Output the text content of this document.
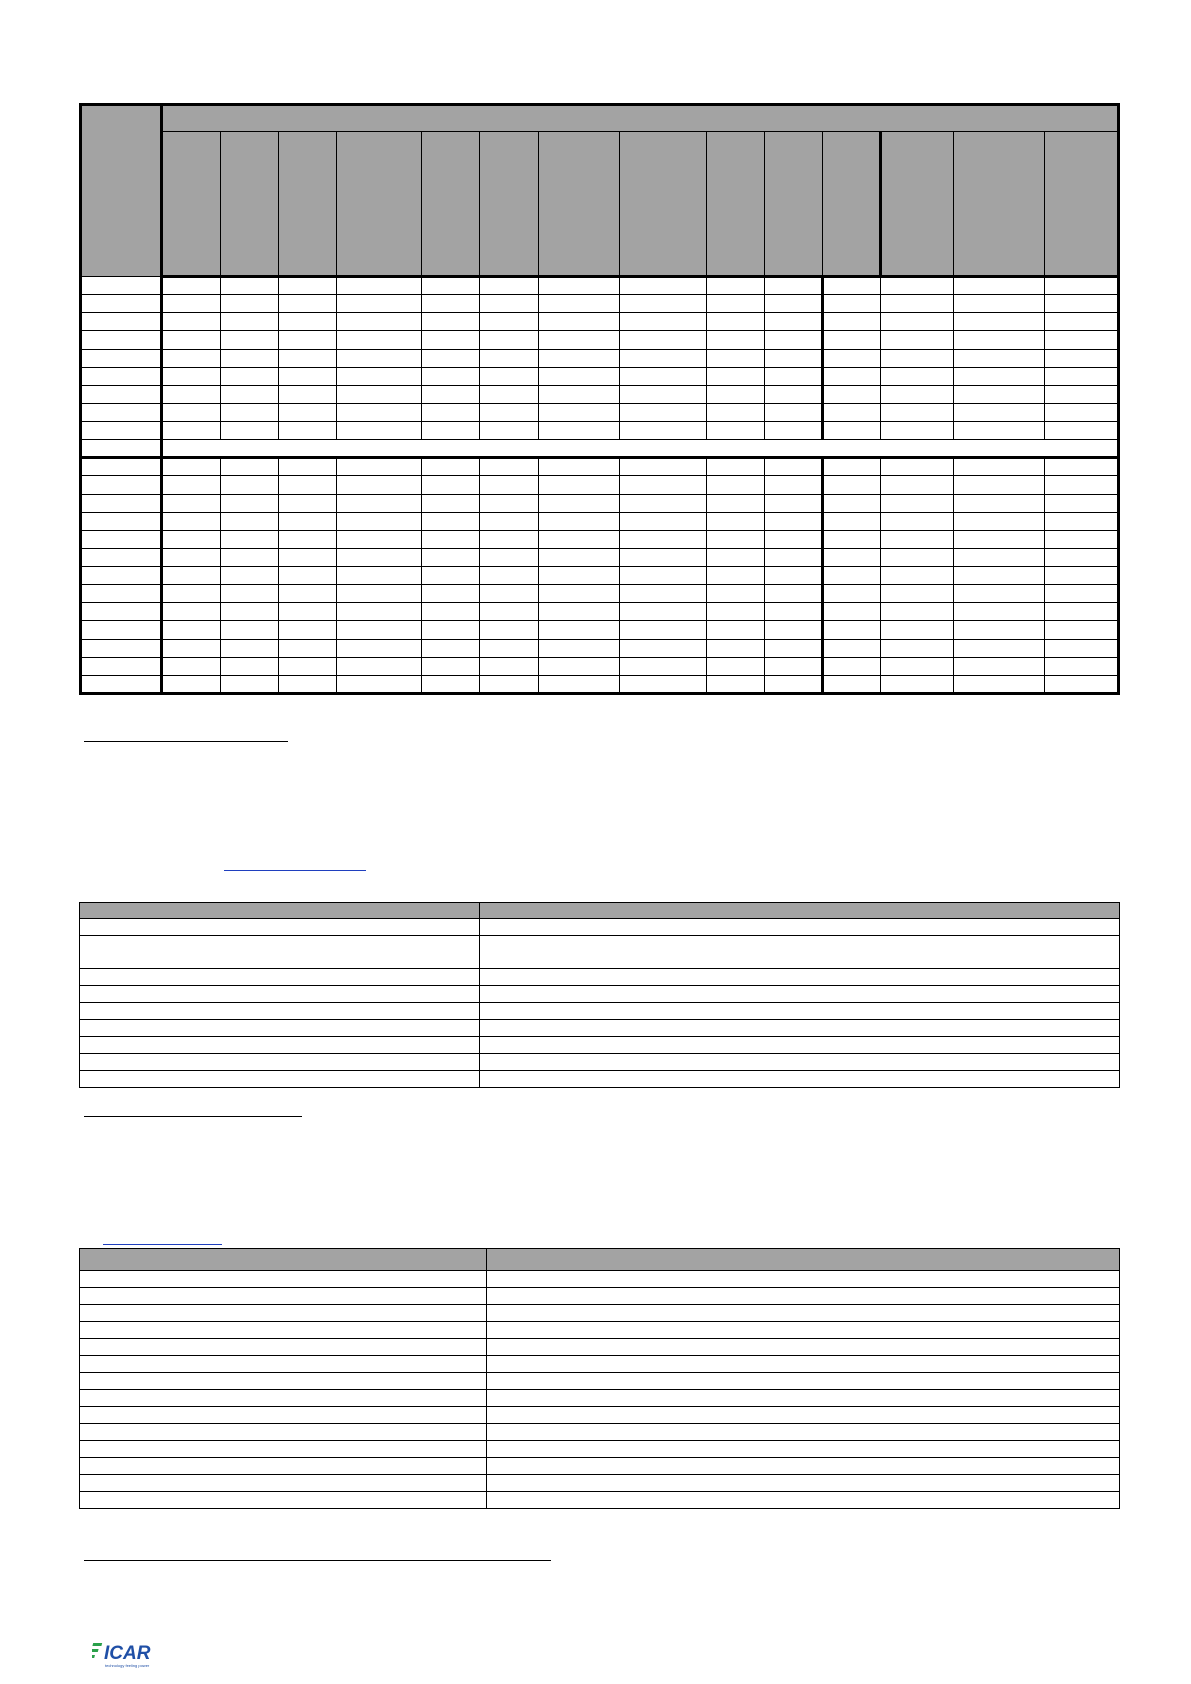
ICAR
technology feeling power
